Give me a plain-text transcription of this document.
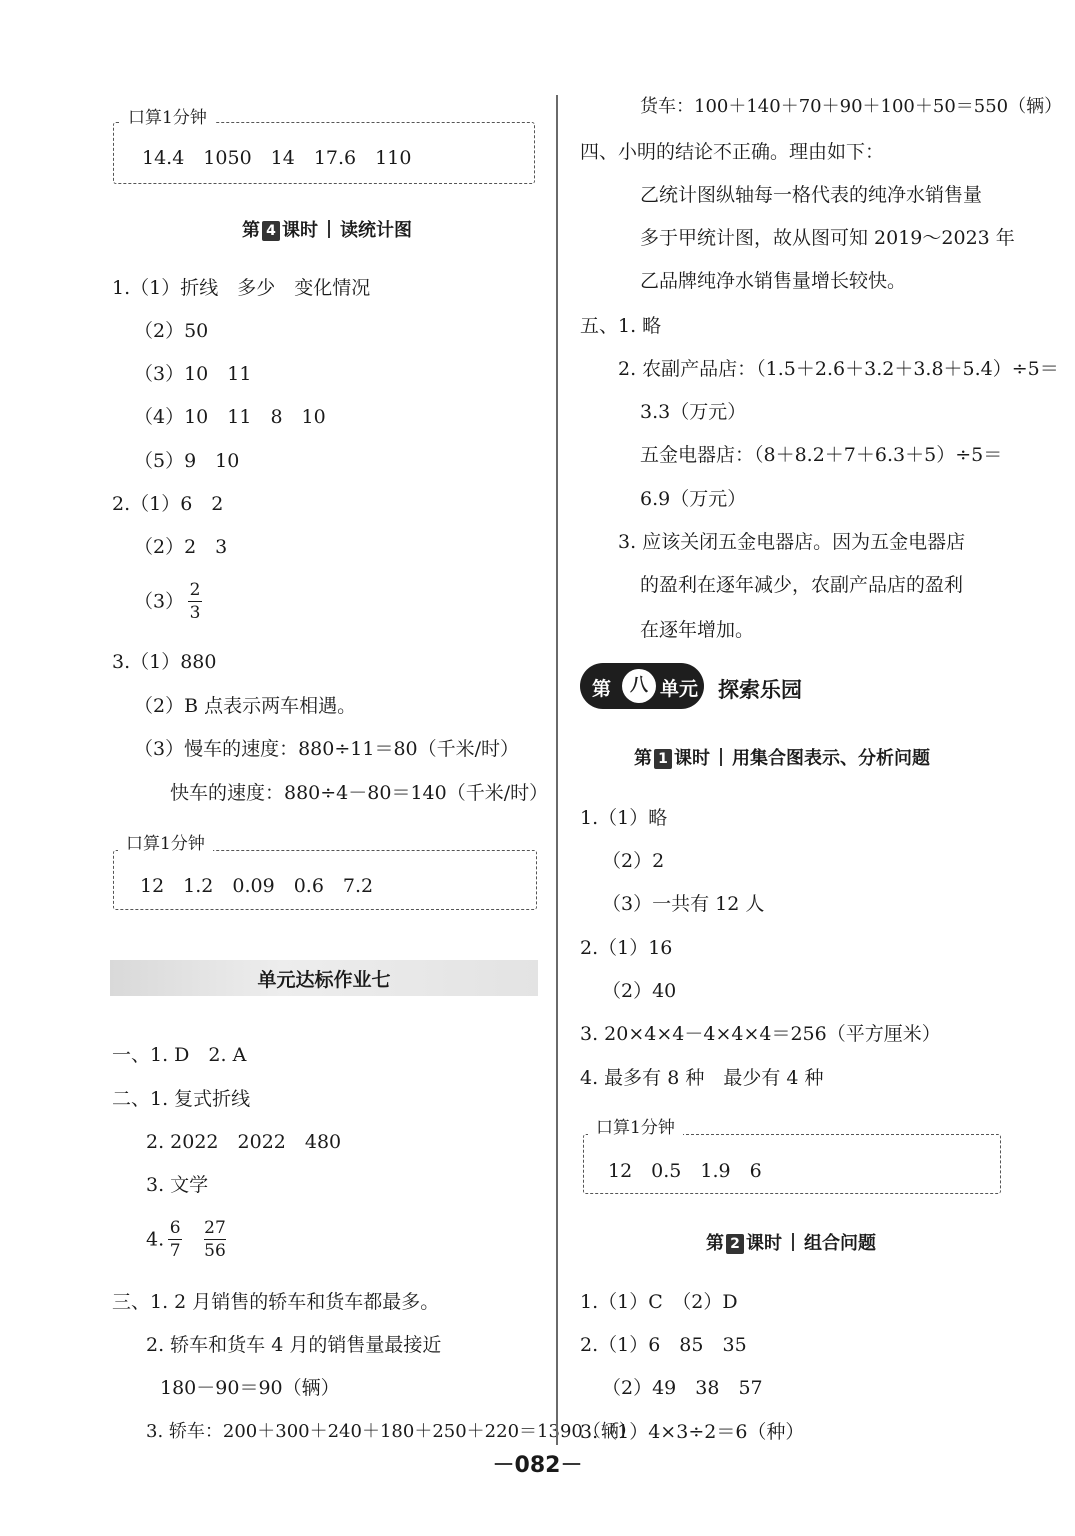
口算1分钟
14.4　1050　14　17.6　110
第 4 课时 读统计图
1.（1）折线　多少　变化情况
（2）50
（3）10　11
（4）10　11　8　10
（5）9　10
2.（1）6　2
（2）2　3
$(3) \frac{2}{3}$
3.（1）880
（2）B 点表示两车相遇。
（3）慢车的速度：880÷11＝80（千米/时）
快车的速度：880÷4－80＝140（千米/时）
口算1分钟
12　1.2　0.09　0.6　7.2
单元达标作业七
一、1. D　2. A
二、1. 复式折线
2. 2022　2022　480
3. 文学
4. $\frac{6}{7} \frac{27}{56}$
三、1. 2 月销售的轿车和货车都最多。
2. 轿车和货车 4 月的销售量最接近
180－90＝90（辆）
3. 轿车：200＋300＋240＋180＋250＋220＝1390（辆）
货车：100＋140＋70＋90＋100＋50＝550（辆）
四、小明的结论不正确。理由如下：
乙统计图纵轴每一格代表的纯净水销售量
多于甲统计图，故从图可知 2019～2023 年
乙品牌纯净水销售量增长较快。
五、1. 略
2. 农副产品店：（1.5＋2.6＋3.2＋3.8＋5.4）÷5＝
3.3（万元）
五金电器店：（8＋8.2＋7＋6.3＋5）÷5＝
6.9（万元）
3. 应该关闭五金电器店。因为五金电器店
的盈利在逐年减少，农副产品店的盈利
在逐年增加。
第	八 单元 探索乐园
第 1 课时 用集合图表示、分析问题
1.（1）略
（2）2
（3）一共有 12 人
2.（1）16
（2）40
3. 20×4×4－4×4×4＝256（平方厘米）
4. 最多有 8 种　最少有 4 种
口算1分钟
12　0.5　1.9　6
第 2 课时 组合问题
1.（1）C　（2）D
2.（1）6　85　35
（2）49　38　57
3.（1）4×3÷2＝6（种）
－082－
